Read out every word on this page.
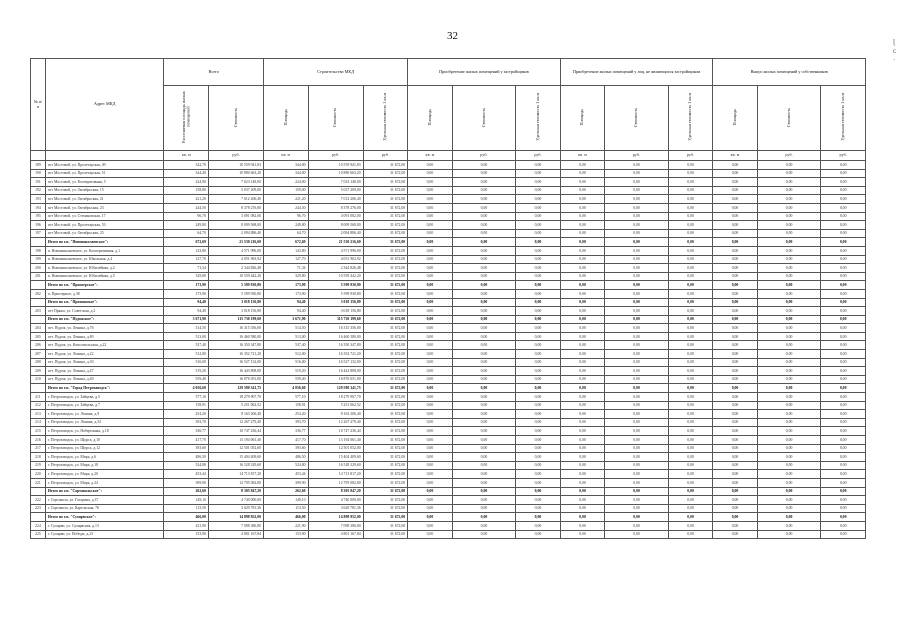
32	ɭ
ᴄ
·
№ п/п	Адрес МКД	Всего		Строительство МКД			Приобретение жилых помещений у застройщиков			Приобретение жилых помещений у лиц, не являющихся застройщиком			Выкуп жилых помещений у собственников		
		Расселяемая площадь жилых помещений	Стоимость	Площадь	Стоимость	Удельная стоимость 1 кв.м	Площадь	Стоимость	Удельная стоимость 1 кв.м	Площадь	Стоимость	Удельная стоимость 1 кв.м	Площадь	Стоимость	Удельная стоимость 1 кв.м
		кв. м	руб.	кв. м	руб.	руб.	кв. м	руб.	руб.	кв. м	руб.	руб.	кв. м	руб.	руб.
189	пгт Мостовой, ул. Пролетарская, 49	342,70	10 559 941,83	344,00	10 559 941,83	31 672,00	0,00	0,00	0,00	0,00	0,00	0,00	0,00	0,00	0,00
190	пгт Мостовой, ул. Пролетарская, 51	344,40	10 880 663,20	344,00	10 880 663,20	31 672,00	0,00	0,00	0,00	0,00	0,00	0,00	0,00	0,00	0,00
191	пгт Мостовой, ул. Кооперативная, 5	224,90	7 023 148,00	224,00	7 023 148,00	31 672,00	0,00	0,00	0,00	0,00	0,00	0,00	0,00	0,00	0,00
192	пгт Мостовой, ул. Октябрьская, 15	158,80	5 037 209,00	159,00	5 037 209,00	31 672,00	0,00	0,00	0,00	0,00	0,00	0,00	0,00	0,00	0,00
193	пгт Мостовой, ул. Октябрьская, 21	221,20	7 012 206,40	221,20	7 012 206,40	31 672,00	0,00	0,00	0,00	0,00	0,00	0,00	0,00	0,00	0,00
194	пгт Мостовой, ул. Октябрьская, 23	244,50	8 378 276,00	244,50	8 378 276,00	31 672,00	0,00	0,00	0,00	0,00	0,00	0,00	0,00	0,00	0,00
195	пгт Мостовой, ул. Степановская, 17	96,70	3 091 082,00	96,70	3 091 082,00	31 672,00	0,00	0,00	0,00	0,00	0,00	0,00	0,00	0,00	0,00
196	пгт Мостовой, ул. Пролетарская, 53	249,80	8 009 568,00	249,80	8 009 568,00	31 672,00	0,00	0,00	0,00	0,00	0,00	0,00	0,00	0,00	0,00
197	пгт Мостовой, ул. Октябрьская, 25	64,70	2 094 886,40	64,70	2 094 886,40	31 672,00	0,00	0,00	0,00	0,00	0,00	0,00	0,00	0,00	0,00
	Итого по г.п. "Новониколаевское":	672,69	21 530 216,60	672,69	21 530 216,60	31 672,00	0,00	0,00	0,00	0,00	0,00	0,00	0,00	0,00	0,00
198	п. Новониколаевское, ул. Кооперативная, д.1	143,80	4 571 996,00	143,80	4 571 996,00	31 672,00	0,00	0,00	0,00	0,00	0,00	0,00	0,00	0,00	0,00
199	п. Новониколаевское, ул. Школьная, д.4	127,70	4 051 963,92	127,70	4 051 963,92	31 672,00	0,00	0,00	0,00	0,00	0,00	0,00	0,00	0,00	0,00
200	п. Новониколаевское, ул. Юбилейная, д.2	71,34	2 344 826,48	71,34	2 344 826,48	31 672,00	0,00	0,00	0,00	0,00	0,00	0,00	0,00	0,00	0,00
201	п. Новониколаевское, ул. Юбилейная, д.5	329,80	10 559 442,20	329,80	10 559 442,20	31 672,00	0,00	0,00	0,00	0,00	0,00	0,00	0,00	0,00	0,00
	Итого по г.п. "Приозерское":	173,90	5 599 930,80	173,90	5 599 930,80	31 672,00	0,00	0,00	0,00	0,00	0,00	0,00	0,00	0,00	0,00
202	п. Приозерное, д.38	173,90	5 599 930,80	173,90	5 599 930,80	31 672,00	0,00	0,00	0,00	0,00	0,00	0,00	0,00	0,00	0,00
	Итого по г.п. "Пряжинское":	94,40	3 018 156,80	94,40	3 018 156,80	31 672,00	0,00	0,00	0,00	0,00	0,00	0,00	0,00	0,00	0,00
203	пгт Пряжа, ул. Советская, д.2	94,40	3 018 156,80	94,40	3 018 156,80	31 672,00	0,00	0,00	0,00	0,00	0,00	0,00	0,00	0,00	0,00
	Итого по г.п. "Пудожское":	3 671,90	115 730 199,60	3 671,90	115 730 199,60	31 672,00	0,00	0,00	0,00	0,00	0,00	0,00	0,00	0,00	0,00
204	пгт. Пудож, ул. Ленина, д.76	514,50	16 315 356,00	514,50	16 315 356,00	31 672,00	0,00	0,00	0,00	0,00	0,00	0,00	0,00	0,00	0,00
205	пгт. Пудож, ул. Ленина, д.80	513,00	16 460 580,00	513,00	16 460 580,00	31 672,00	0,00	0,00	0,00	0,00	0,00	0,00	0,00	0,00	0,00
206	пгт. Пудож, ул. Комсомольская, д.22	537,40	16 350 347,80	537,40	16 350 347,80	31 672,00	0,00	0,00	0,00	0,00	0,00	0,00	0,00	0,00	0,00
207	пгт. Пудож, ул. Ленина, д.22	512,00	16 352 721,20	512,00	16 352 721,20	31 672,00	0,00	0,00	0,00	0,00	0,00	0,00	0,00	0,00	0,00
208	пгт. Пудож, ул. Ленина, д.30	516,00	16 527 132,00	516,00	16 527 132,00	31 672,00	0,00	0,00	0,00	0,00	0,00	0,00	0,00	0,00	0,00
209	пгт. Пудож, ул. Ленина, д.47	519,20	16 443 808,00	519,20	16 443 808,00	31 672,00	0,00	0,00	0,00	0,00	0,00	0,00	0,00	0,00	0,00
210	пгт. Пудож, ул. Ленина, д.49	559,40	16 876 051,00	559,40	16 876 051,00	31 672,00	0,00	0,00	0,00	0,00	0,00	0,00	0,00	0,00	0,00
	Итого по г.п. "Город Петрозаводск":	4 056,60	129 580 341,75	4 056,60	129 580 341,75	31 672,00	0,00	0,00	0,00	0,00	0,00	0,00	0,00	0,00	0,00
211	г. Петрозаводск, ул. Зайцева, д.5	577,10	18 279 907,70	577,10	18 279 907,70	31 672,00	0,00	0,00	0,00	0,00	0,00	0,00	0,00	0,00	0,00
212	г. Петрозаводск, ул. Зайцева, д.7	158,91	5 251 062,52	158,91	5 251 062,52	31 672,00	0,00	0,00	0,00	0,00	0,00	0,00	0,00	0,00	0,00
213	г. Петрозаводск, ул. Ленина, д.9	254,20	8 163 206,40	254,20	8 163 206,40	31 672,00	0,00	0,00	0,00	0,00	0,00	0,00	0,00	0,00	0,00
214	г. Петрозаводск, ул. Ленина, д.32	393,70	12 267 279,40	393,70	12 267 279,40	31 672,00	0,00	0,00	0,00	0,00	0,00	0,00	0,00	0,00	0,00
215	г. Петрозаводск, ул. Набережная, д.18	336,77	10 747 236,44	336,77	10 747 236,44	31 672,00	0,00	0,00	0,00	0,00	0,00	0,00	0,00	0,00	0,00
216	г. Петрозаводск, ул. Щорса, д.10	417,70	13 194 061,40	417,70	13 194 061,40	31 672,00	0,00	0,00	0,00	0,00	0,00	0,00	0,00	0,00	0,00
217	г. Петрозаводск, ул. Щорса, д.12	393,60	12 501 052,00	393,60	12 501 052,00	31 672,00	0,00	0,00	0,00	0,00	0,00	0,00	0,00	0,00	0,00
218	г. Петрозаводск, ул. Мира, д.6	486,50	15 404 409,60	486,50	15 404 409,60	31 672,00	0,00	0,00	0,00	0,00	0,00	0,00	0,00	0,00	0,00
219	г. Петрозаводск, ул. Мира, д.18	524,80	16 528 329,60	524,80	16 528 329,60	31 672,00	0,00	0,00	0,00	0,00	0,00	0,00	0,00	0,00	0,00
220	г. Петрозаводск, ул. Мира, д.20	453,44	14 713 817,20	453,44	14 713 817,20	31 672,00	0,00	0,00	0,00	0,00	0,00	0,00	0,00	0,00	0,00
221	г. Петрозаводск, ул. Мира, д.24	399,90	12 795 082,80	399,90	12 795 082,80	31 672,00	0,00	0,00	0,00	0,00	0,00	0,00	0,00	0,00	0,00
	Итого по г.п. "Сортавальское":	262,60	8 305 847,20	262,60	8 305 847,20	31 672,00	0,00	0,00	0,00	0,00	0,00	0,00	0,00	0,00	0,00
222	г. Сортавала, ул. Гагарина, д.37	149,10	4 740 000,00	149,10	4 740 000,00	31 672,00	0,00	0,00	0,00	0,00	0,00	0,00	0,00	0,00	0,00
223	г. Сортавала, ул. Карельская, 76	113,50	3 629 781,36	113,50	3 629 781,36	31 672,00	0,00	0,00	0,00	0,00	0,00	0,00	0,00	0,00	0,00
	Итого по г.п. "Суоярвское":	466,00	14 898 952,00	466,00	14 898 952,00	31 672,00	0,00	0,00	0,00	0,00	0,00	0,00	0,00	0,00	0,00
224	г. Суоярви, ул. Суоярвская, д.13	221,90	7 098 386,80	221,90	7 098 386,80	31 672,00	0,00	0,00	0,00	0,00	0,00	0,00	0,00	0,00	0,00
225	г. Суоярви, ул. Победы, д.23	153,90	4 801 167,84	153,90	4 801 167,84	31 672,00	0,00	0,00	0,00	0,00	0,00	0,00	0,00	0,00	0,00
